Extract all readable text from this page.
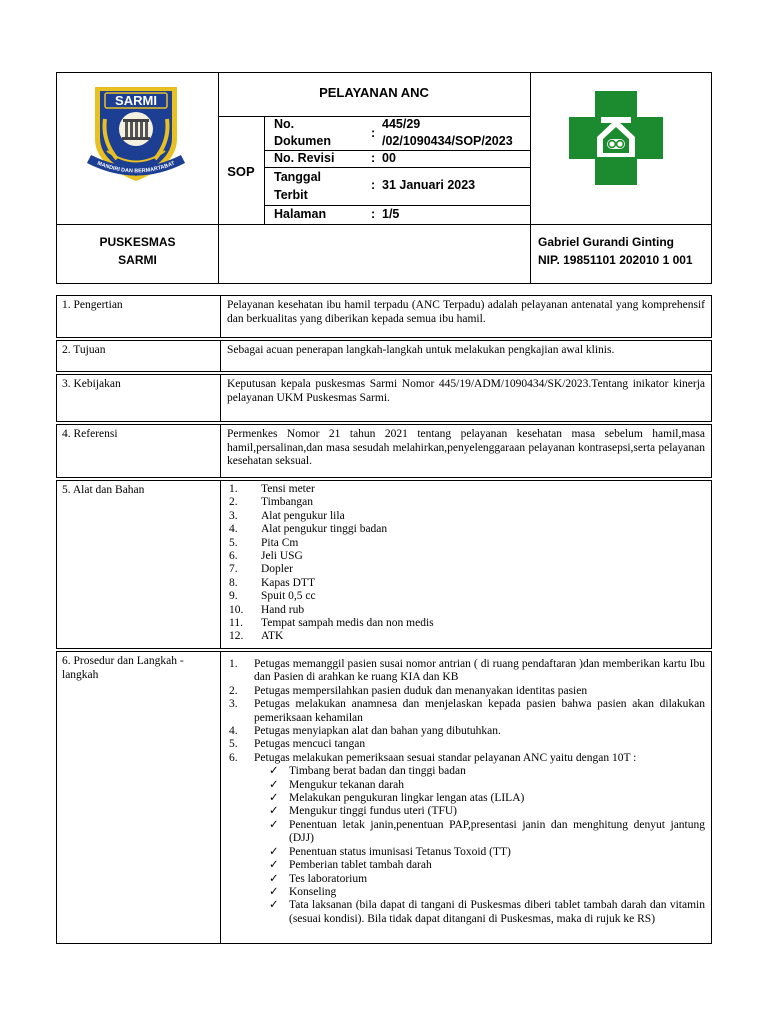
SARMI
MANDIRI DAN BERMARTABAT
PELAYANAN ANC
SOP
No. Dokumen
:
445/29 /02/1090434/SOP/2023
No. Revisi	: 00
Tanggal Terbit
: 31 Januari 2023
Halaman	: 1/5
PUSKESMAS
SARMI
Gabriel Gurandi Ginting
NIP. 19851101 202010 1 001
1. Pengertian	Pelayanan kesehatan ibu hamil terpadu (ANC Terpadu) adalah pelayanan antenatal yang komprehensif dan berkualitas yang diberikan kepada semua ibu hamil.
2. Tujuan	Sebagai acuan penerapan langkah-langkah untuk melakukan pengkajian awal klinis.
3. Kebijakan	Keputusan kepala puskesmas Sarmi Nomor 445/19/ADM/1090434/SK/2023.Tentang inikator kinerja pelayanan UKM Puskesmas Sarmi.
4. Referensi	Permenkes Nomor 21 tahun 2021 tentang pelayanan kesehatan masa sebelum hamil,masa hamil,persalinan,dan masa sesudah melahirkan,penyelenggaraan pelayanan kontrasepsi,serta pelayanan kesehatan seksual.
5. Alat dan Bahan	1.	Tensi meter
2.	Timbangan
3.	Alat pengukur lila
4.	Alat pengukur tinggi badan
5.	Pita Cm
6.	Jeli USG
7.	Dopler
8.	Kapas DTT
9.	Spuit 0,5 cc
10.	Hand rub
11.	Tempat sampah medis dan non medis
12.	ATK
6. Prosedur dan Langkah - langkah
1.	Petugas memanggil pasien susai nomor antrian ( di ruang pendaftaran )dan memberikan kartu Ibu dan Pasien di arahkan ke ruang KIA dan KB
2.	Petugas mempersilahkan pasien duduk dan menanyakan identitas pasien
3.	Petugas melakukan anamnesa dan menjelaskan kepada pasien bahwa pasien akan dilakukan pemeriksaan kehamilan
4.	Petugas menyiapkan alat dan bahan yang dibutuhkan.
5.	Petugas mencuci tangan
6.	Petugas melakukan pemeriksaan sesuai standar pelayanan ANC yaitu dengan 10T :
✓ Timbang berat badan dan tinggi badan
✓ Mengukur tekanan darah
✓ Melakukan pengukuran lingkar lengan atas (LILA)
✓ Mengukur tinggi fundus uteri (TFU)
✓ Penentuan letak janin,penentuan PAP,presentasi janin dan menghitung denyut jantung (DJJ)
✓ Penentuan status imunisasi Tetanus Toxoid (TT)
✓ Pemberian tablet tambah darah
✓ Tes laboratorium
✓ Konseling
✓ Tata laksanan (bila dapat di tangani di Puskesmas diberi tablet tambah darah dan vitamin (sesuai kondisi). Bila tidak dapat ditangani di Puskesmas, maka di rujuk ke RS)
